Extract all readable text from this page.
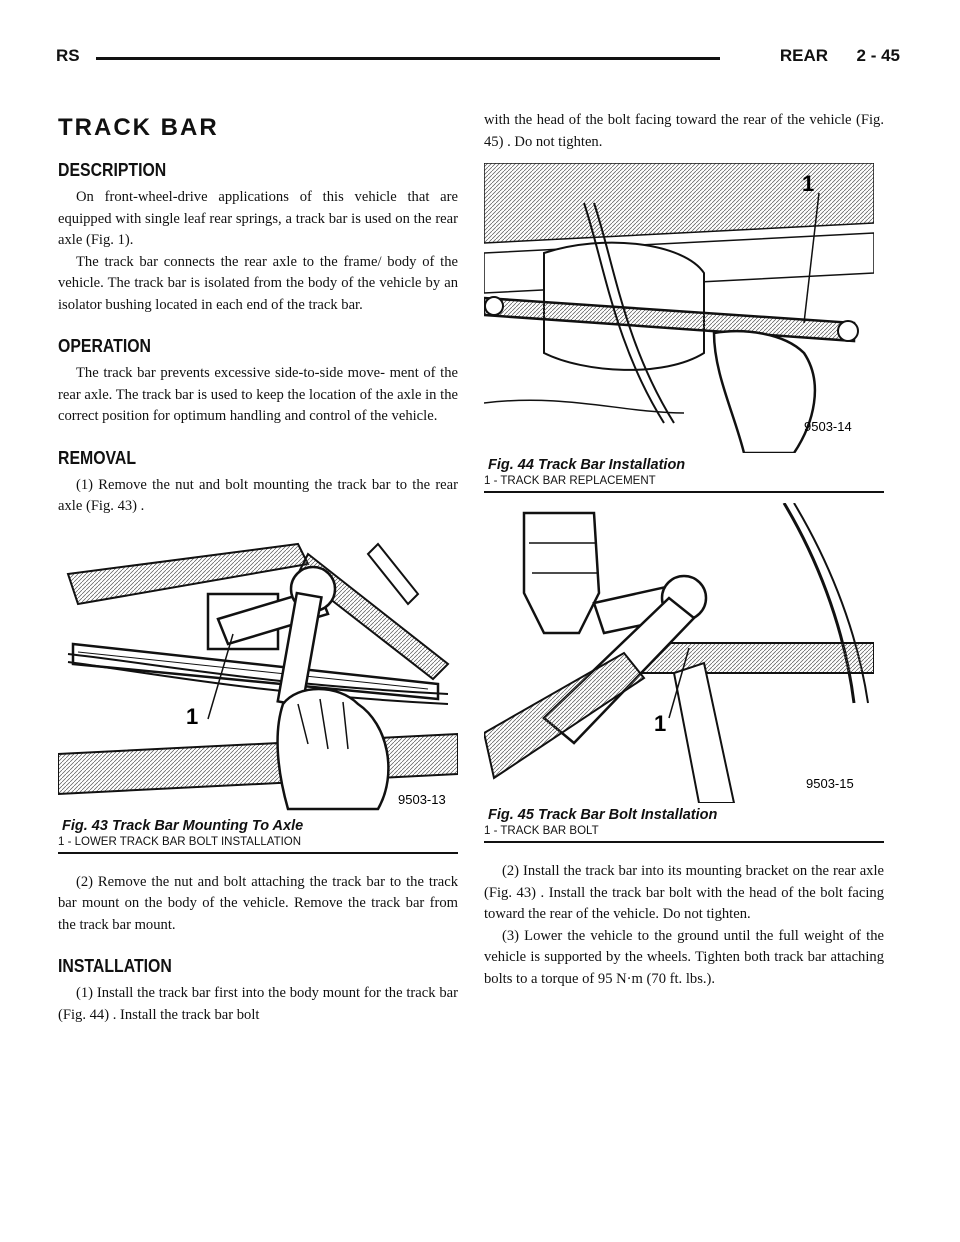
RS	REAR 2 - 45
TRACK BAR
DESCRIPTION

On front-wheel-drive applications of this vehicle that are equipped with single leaf rear springs, a track bar is used on the rear axle (Fig. 1).

The track bar connects the rear axle to the frame/ body of the vehicle. The track bar is isolated from the body of the vehicle by an isolator bushing located in each end of the track bar.

OPERATION

The track bar prevents excessive side-to-side move- ment of the rear axle. The track bar is used to keep the location of the axle in the correct position for optimum handling and control of the vehicle.

REMOVAL

(1) Remove the nut and bolt mounting the track bar to the rear axle (Fig. 43) .

1
9503-13
Fig. 43 Track Bar Mounting To Axle
1 - LOWER TRACK BAR BOLT INSTALLATION

(2) Remove the nut and bolt attaching the track bar to the track bar mount on the body of the vehicle. Remove the track bar from the track bar mount.

INSTALLATION

(1) Install the track bar first into the body mount for the track bar (Fig. 44) . Install the track bar bolt

with the head of the bolt facing toward the rear of the vehicle (Fig. 45) . Do not tighten.

1
9503-14
Fig. 44 Track Bar Installation
1 - TRACK BAR REPLACEMENT
1
9503-15
Fig. 45 Track Bar Bolt Installation
1 - TRACK BAR BOLT

(2) Install the track bar into its mounting bracket on the rear axle (Fig. 43) . Install the track bar bolt with the head of the bolt facing toward the rear of the vehicle. Do not tighten.

(3) Lower the vehicle to the ground until the full weight of the vehicle is supported by the wheels. Tighten both track bar attaching bolts to a torque of 95 N·m (70 ft. lbs.).
